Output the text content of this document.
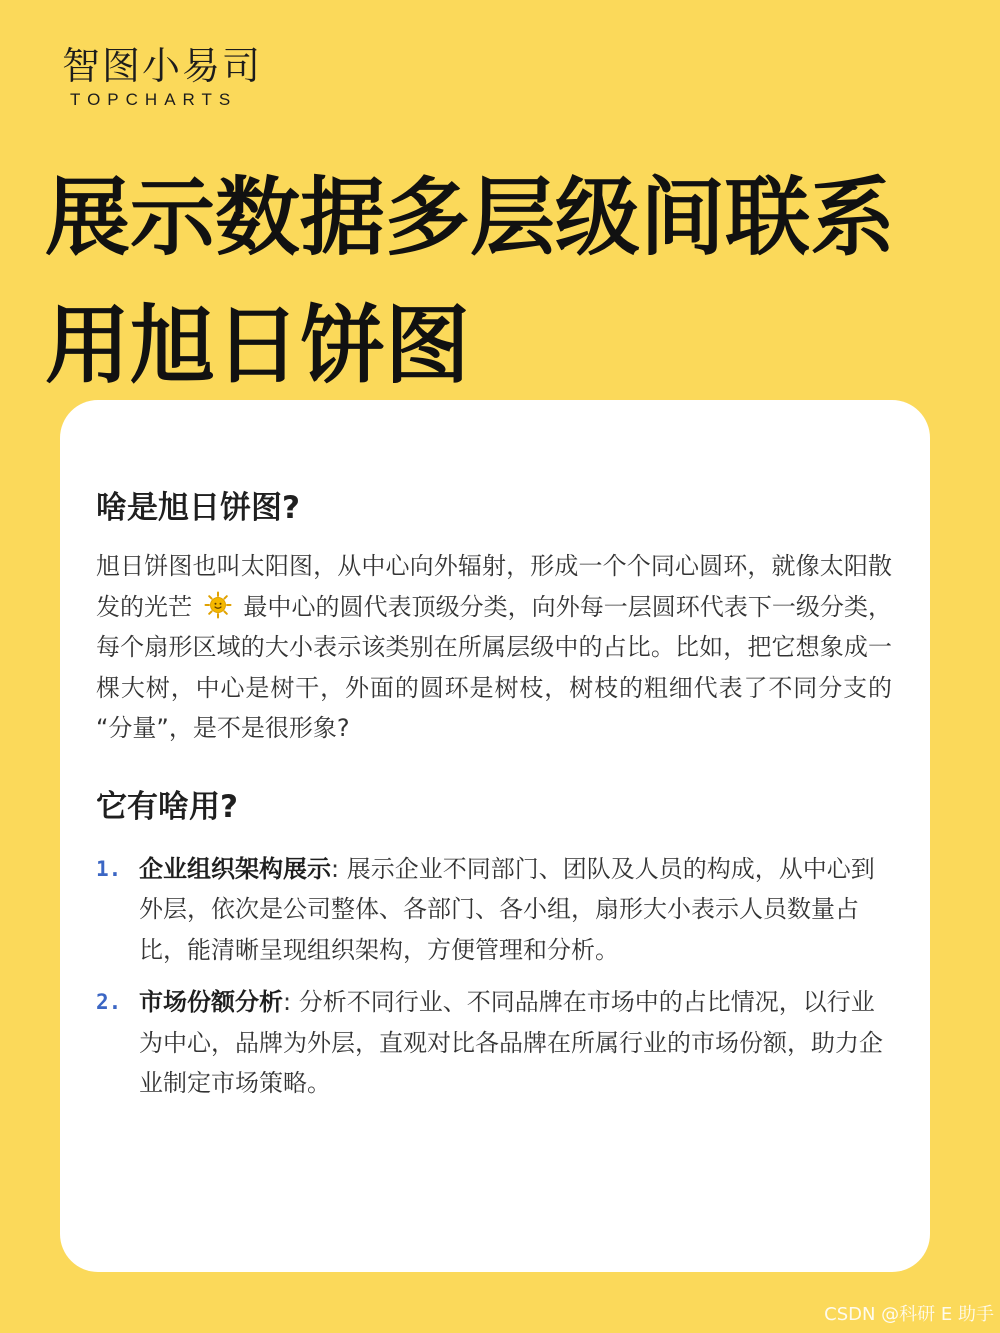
智图小易司
TOPCHARTS
展示数据多层级间联系
用旭日饼图
啥是旭日饼图?

旭日饼图也叫太阳图，从中心向外辐射，形成一个个同心圆环，就像太阳散发的光芒 最中心的圆代表顶级分类，向外每一层圆环代表下一级分类，每个扇形区域的大小表示该类别在所属层级中的占比。比如，把它想象成一棵大树，中心是树干，外面的圆环是树枝，树枝的粗细代表了不同分支的 “分量”，是不是很形象?

它有啥用?
1. 企业组织架构展示: 展示企业不同部门、团队及人员的构成，从中心到外层，依次是公司整体、各部门、各小组，扇形大小表示人员数量占比，能清晰呈现组织架构，方便管理和分析。
2. 市场份额分析: 分析不同行业、不同品牌在市场中的占比情况，以行业为中心，品牌为外层，直观对比各品牌在所属行业的市场份额，助力企业制定市场策略。
CSDN @科研 E 助手
